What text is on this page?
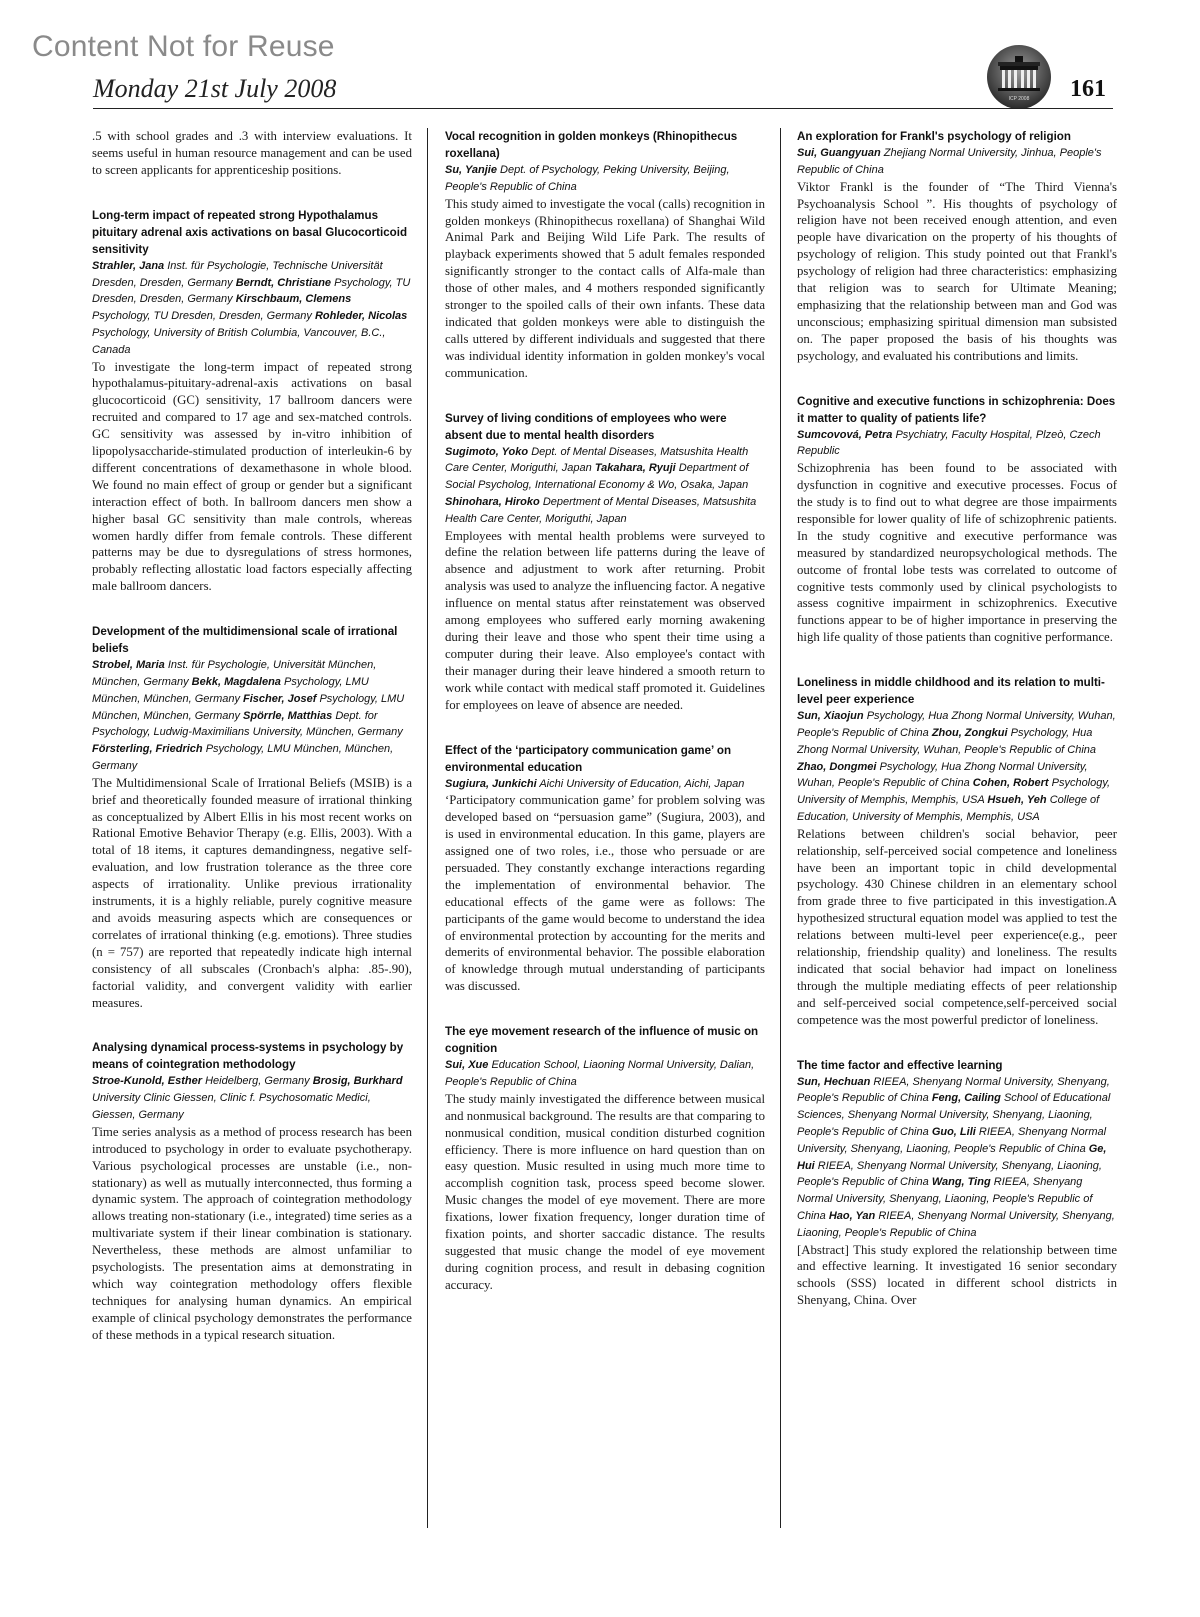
Content Not for Reuse
Monday 21st July 2008	ICP 2008 161

.5 with school grades and .3 with interview evaluations. It seems useful in human resource management and can be used to screen applicants for apprenticeship positions.

Long-term impact of repeated strong Hypothalamus pituitary adrenal axis activations on basal Glucocorticoid sensitivity

Strahler, Jana Inst. für Psychologie, Technische Universität Dresden, Dresden, Germany Berndt, Christiane Psychology, TU Dresden, Dresden, Germany Kirschbaum, Clemens Psychology, TU Dresden, Dresden, Germany Rohleder, Nicolas Psychology, University of British Columbia, Vancouver, B.C., Canada

To investigate the long-term impact of repeated strong hypothalamus-pituitary-adrenal-axis activations on basal glucocorticoid (GC) sensitivity, 17 ballroom dancers were recruited and compared to 17 age and sex-matched controls. GC sensitivity was assessed by in-vitro inhibition of lipopolysaccharide-stimulated production of interleukin-6 by different concentrations of dexamethasone in whole blood. We found no main effect of group or gender but a significant interaction effect of both. In ballroom dancers men show a higher basal GC sensitivity than male controls, whereas women hardly differ from female controls. These different patterns may be due to dysregulations of stress hormones, probably reflecting allostatic load factors especially affecting male ballroom dancers.

Development of the multidimensional scale of irrational beliefs

Strobel, Maria Inst. für Psychologie, Universität München, München, Germany Bekk, Magdalena Psychology, LMU München, München, Germany Fischer, Josef Psychology, LMU München, München, Germany Spörrle, Matthias Dept. for Psychology, Ludwig-Maximilians University, München, Germany Försterling, Friedrich Psychology, LMU München, München, Germany

The Multidimensional Scale of Irrational Beliefs (MSIB) is a brief and theoretically founded measure of irrational thinking as conceptualized by Albert Ellis in his most recent works on Rational Emotive Behavior Therapy (e.g. Ellis, 2003). With a total of 18 items, it captures demandingness, negative self-evaluation, and low frustration tolerance as the three core aspects of irrationality. Unlike previous irrationality instruments, it is a highly reliable, purely cognitive measure and avoids measuring aspects which are consequences or correlates of irrational thinking (e.g. emotions). Three studies (n = 757) are reported that repeatedly indicate high internal consistency of all subscales (Cronbach's alpha: .85-.90), factorial validity, and convergent validity with earlier measures.

Analysing dynamical process-systems in psychology by means of cointegration methodology

Stroe-Kunold, Esther Heidelberg, Germany Brosig, Burkhard University Clinic Giessen, Clinic f. Psychosomatic Medici, Giessen, Germany

Time series analysis as a method of process research has been introduced to psychology in order to evaluate psychotherapy. Various psychological processes are unstable (i.e., non-stationary) as well as mutually interconnected, thus forming a dynamic system. The approach of cointegration methodology allows treating non-stationary (i.e., integrated) time series as a multivariate system if their linear combination is stationary. Nevertheless, these methods are almost unfamiliar to psychologists. The presentation aims at demonstrating in which way cointegration methodology offers flexible techniques for analysing human dynamics. An empirical example of clinical psychology demonstrates the performance of these methods in a typical research situation.

Vocal recognition in golden monkeys (Rhinopithecus roxellana)

Su, Yanjie Dept. of Psychology, Peking University, Beijing, People's Republic of China

This study aimed to investigate the vocal (calls) recognition in golden monkeys (Rhinopithecus roxellana) of Shanghai Wild Animal Park and Beijing Wild Life Park. The results of playback experiments showed that 5 adult females responded significantly stronger to the contact calls of Alfa-male than those of other males, and 4 mothers responded significantly stronger to the spoiled calls of their own infants. These data indicated that golden monkeys were able to distinguish the calls uttered by different individuals and suggested that there was individual identity information in golden monkey's vocal communication.

Survey of living conditions of employees who were absent due to mental health disorders

Sugimoto, Yoko Dept. of Mental Diseases, Matsushita Health Care Center, Moriguthi, Japan Takahara, Ryuji Department of Social Psycholog, International Economy & Wo, Osaka, Japan Shinohara, Hiroko Depertment of Mental Diseases, Matsushita Health Care Center, Moriguthi, Japan

Employees with mental health problems were surveyed to define the relation between life patterns during the leave of absence and adjustment to work after returning. Probit analysis was used to analyze the influencing factor. A negative influence on mental status after reinstatement was observed among employees who suffered early morning awakening during their leave and those who spent their time using a computer during their leave. Also employee's contact with their manager during their leave hindered a smooth return to work while contact with medical staff promoted it. Guidelines for employees on leave of absence are needed.

Effect of the ‘participatory communication game’ on environmental education

Sugiura, Junkichi Aichi University of Education, Aichi, Japan

‘Participatory communication game’ for problem solving was developed based on “persuasion game” (Sugiura, 2003), and is used in environmental education. In this game, players are assigned one of two roles, i.e., those who persuade or are persuaded. They constantly exchange interactions regarding the implementation of environmental behavior. The educational effects of the game were as follows: The participants of the game would become to understand the idea of environmental protection by accounting for the merits and demerits of environmental behavior. The possible elaboration of knowledge through mutual understanding of participants was discussed.

The eye movement research of the influence of music on cognition

Sui, Xue Education School, Liaoning Normal University, Dalian, People's Republic of China

The study mainly investigated the difference between musical and nonmusical background. The results are that comparing to nonmusical condition, musical condition disturbed cognition efficiency. There is more influence on hard question than on easy question. Music resulted in using much more time to accomplish cognition task, process speed become slower. Music changes the model of eye movement. There are more fixations, lower fixation frequency, longer duration time of fixation points, and shorter saccadic distance. The results suggested that music change the model of eye movement during cognition process, and result in debasing cognition accuracy.

An exploration for Frankl's psychology of religion

Sui, Guangyuan Zhejiang Normal University, Jinhua, People's Republic of China

Viktor Frankl is the founder of “The Third Vienna's Psychoanalysis School ”. His thoughts of psychology of religion have not been received enough attention, and even people have divarication on the property of his thoughts of psychology of religion. This study pointed out that Frankl's psychology of religion had three characteristics: emphasizing that religion was to search for Ultimate Meaning; emphasizing that the relationship between man and God was unconscious; emphasizing spiritual dimension man subsisted on. The paper proposed the basis of his thoughts was psychology, and evaluated his contributions and limits.

Cognitive and executive functions in schizophrenia: Does it matter to quality of patients life?

Sumcovová, Petra Psychiatry, Faculty Hospital, Plzeò, Czech Republic

Schizophrenia has been found to be associated with dysfunction in cognitive and executive processes. Focus of the study is to find out to what degree are those impairments responsible for lower quality of life of schizophrenic patients. In the study cognitive and executive performance was measured by standardized neuropsychological methods. The outcome of frontal lobe tests was correlated to outcome of cognitive tests commonly used by clinical psychologists to assess cognitive impairment in schizophrenics. Executive functions appear to be of higher importance in preserving the high life quality of those patients than cognitive performance.

Loneliness in middle childhood and its relation to multi-level peer experience

Sun, Xiaojun Psychology, Hua Zhong Normal University, Wuhan, People's Republic of China Zhou, Zongkui Psychology, Hua Zhong Normal University, Wuhan, People's Republic of China Zhao, Dongmei Psychology, Hua Zhong Normal University, Wuhan, People's Republic of China Cohen, Robert Psychology, University of Memphis, Memphis, USA Hsueh, Yeh College of Education, University of Memphis, Memphis, USA

Relations between children's social behavior, peer relationship, self-perceived social competence and loneliness have been an important topic in child developmental psychology. 430 Chinese children in an elementary school from grade three to five participated in this investigation.A hypothesized structural equation model was applied to test the relations between multi-level peer experience(e.g., peer relationship, friendship quality) and loneliness. The results indicated that social behavior had impact on loneliness through the multiple mediating effects of peer relationship and self-perceived social competence,self-perceived social competence was the most powerful predictor of loneliness.

The time factor and effective learning

Sun, Hechuan RIEEA, Shenyang Normal University, Shenyang, People's Republic of China Feng, Cailing School of Educational Sciences, Shenyang Normal University, Shenyang, Liaoning, People's Republic of China Guo, Lili RIEEA, Shenyang Normal University, Shenyang, Liaoning, People's Republic of China Ge, Hui RIEEA, Shenyang Normal University, Shenyang, Liaoning, People's Republic of China Wang, Ting RIEEA, Shenyang Normal University, Shenyang, Liaoning, People's Republic of China Hao, Yan RIEEA, Shenyang Normal University, Shenyang, Liaoning, People's Republic of China

[Abstract] This study explored the relationship between time and effective learning. It investigated 16 senior secondary schools (SSS) located in different school districts in Shenyang, China. Over
